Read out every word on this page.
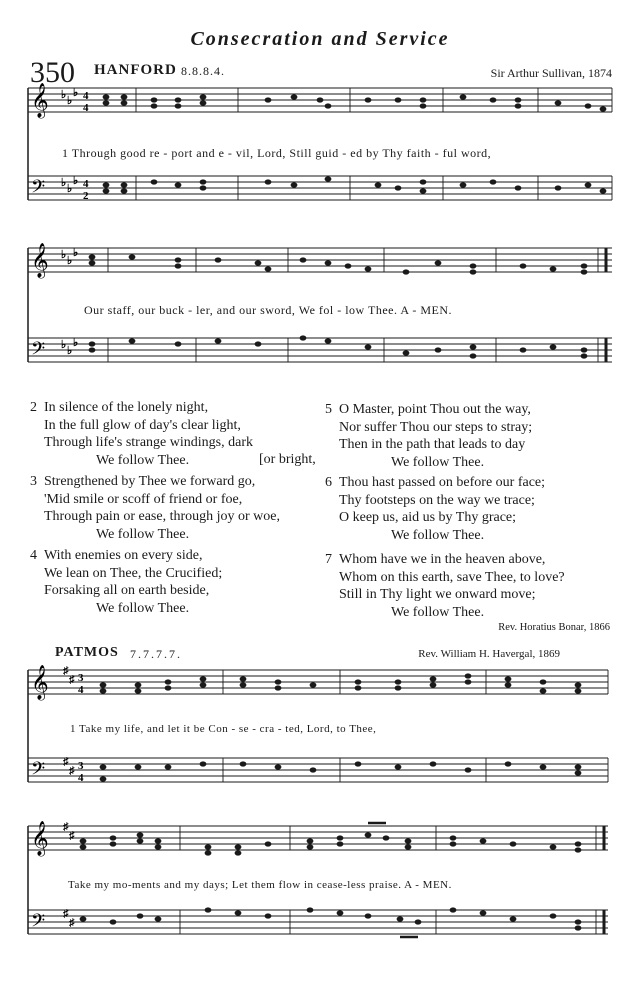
Consecration and Service
350 HANFORD 8.8.8.4.	Sir Arthur Sullivan, 1874
𝄞
𝄢
♭ ♭
♭
♭ ♭
♭
4
4
4
2
1 Through good re - port and e - vil, Lord, Still guid - ed by Thy faith - ful word,
𝄞
𝄢
♭ ♭
♭
♭ ♭
♭
Our staff, our buck - ler, and our sword, We fol - low Thee. A - MEN.
2 In silence of the lonely night,
In the full glow of day's clear light,
Through life's strange windings, dark
We follow Thee.	[or bright,
3 Strengthened by Thee we forward go,
'Mid smile or scoff of friend or foe,
Through pain or ease, through joy or woe,
We follow Thee.
4 With enemies on every side,
We lean on Thee, the Crucified;
Forsaking all on earth beside,
We follow Thee.
5 O Master, point Thou out the way,
Nor suffer Thou our steps to stray;
Then in the path that leads to day
We follow Thee.
6 Thou hast passed on before our face;
Thy footsteps on the way we trace;
O keep us, aid us by Thy grace;
We follow Thee.
7 Whom have we in the heaven above,
Whom on this earth, save Thee, to love?
Still in Thy light we onward move;
We follow Thee.
Rev. Horatius Bonar, 1866
PATMOS 7.7.7.7.	Rev. William H. Havergal, 1869
𝄞
𝄢
♯
♯
♯
♯
3
4
3
4
1 Take my life, and let it be Con - se - cra - ted, Lord, to Thee,
𝄞
𝄢
♯
♯
♯
♯
Take my mo-ments and my days; Let them flow in cease-less praise. A - MEN.
